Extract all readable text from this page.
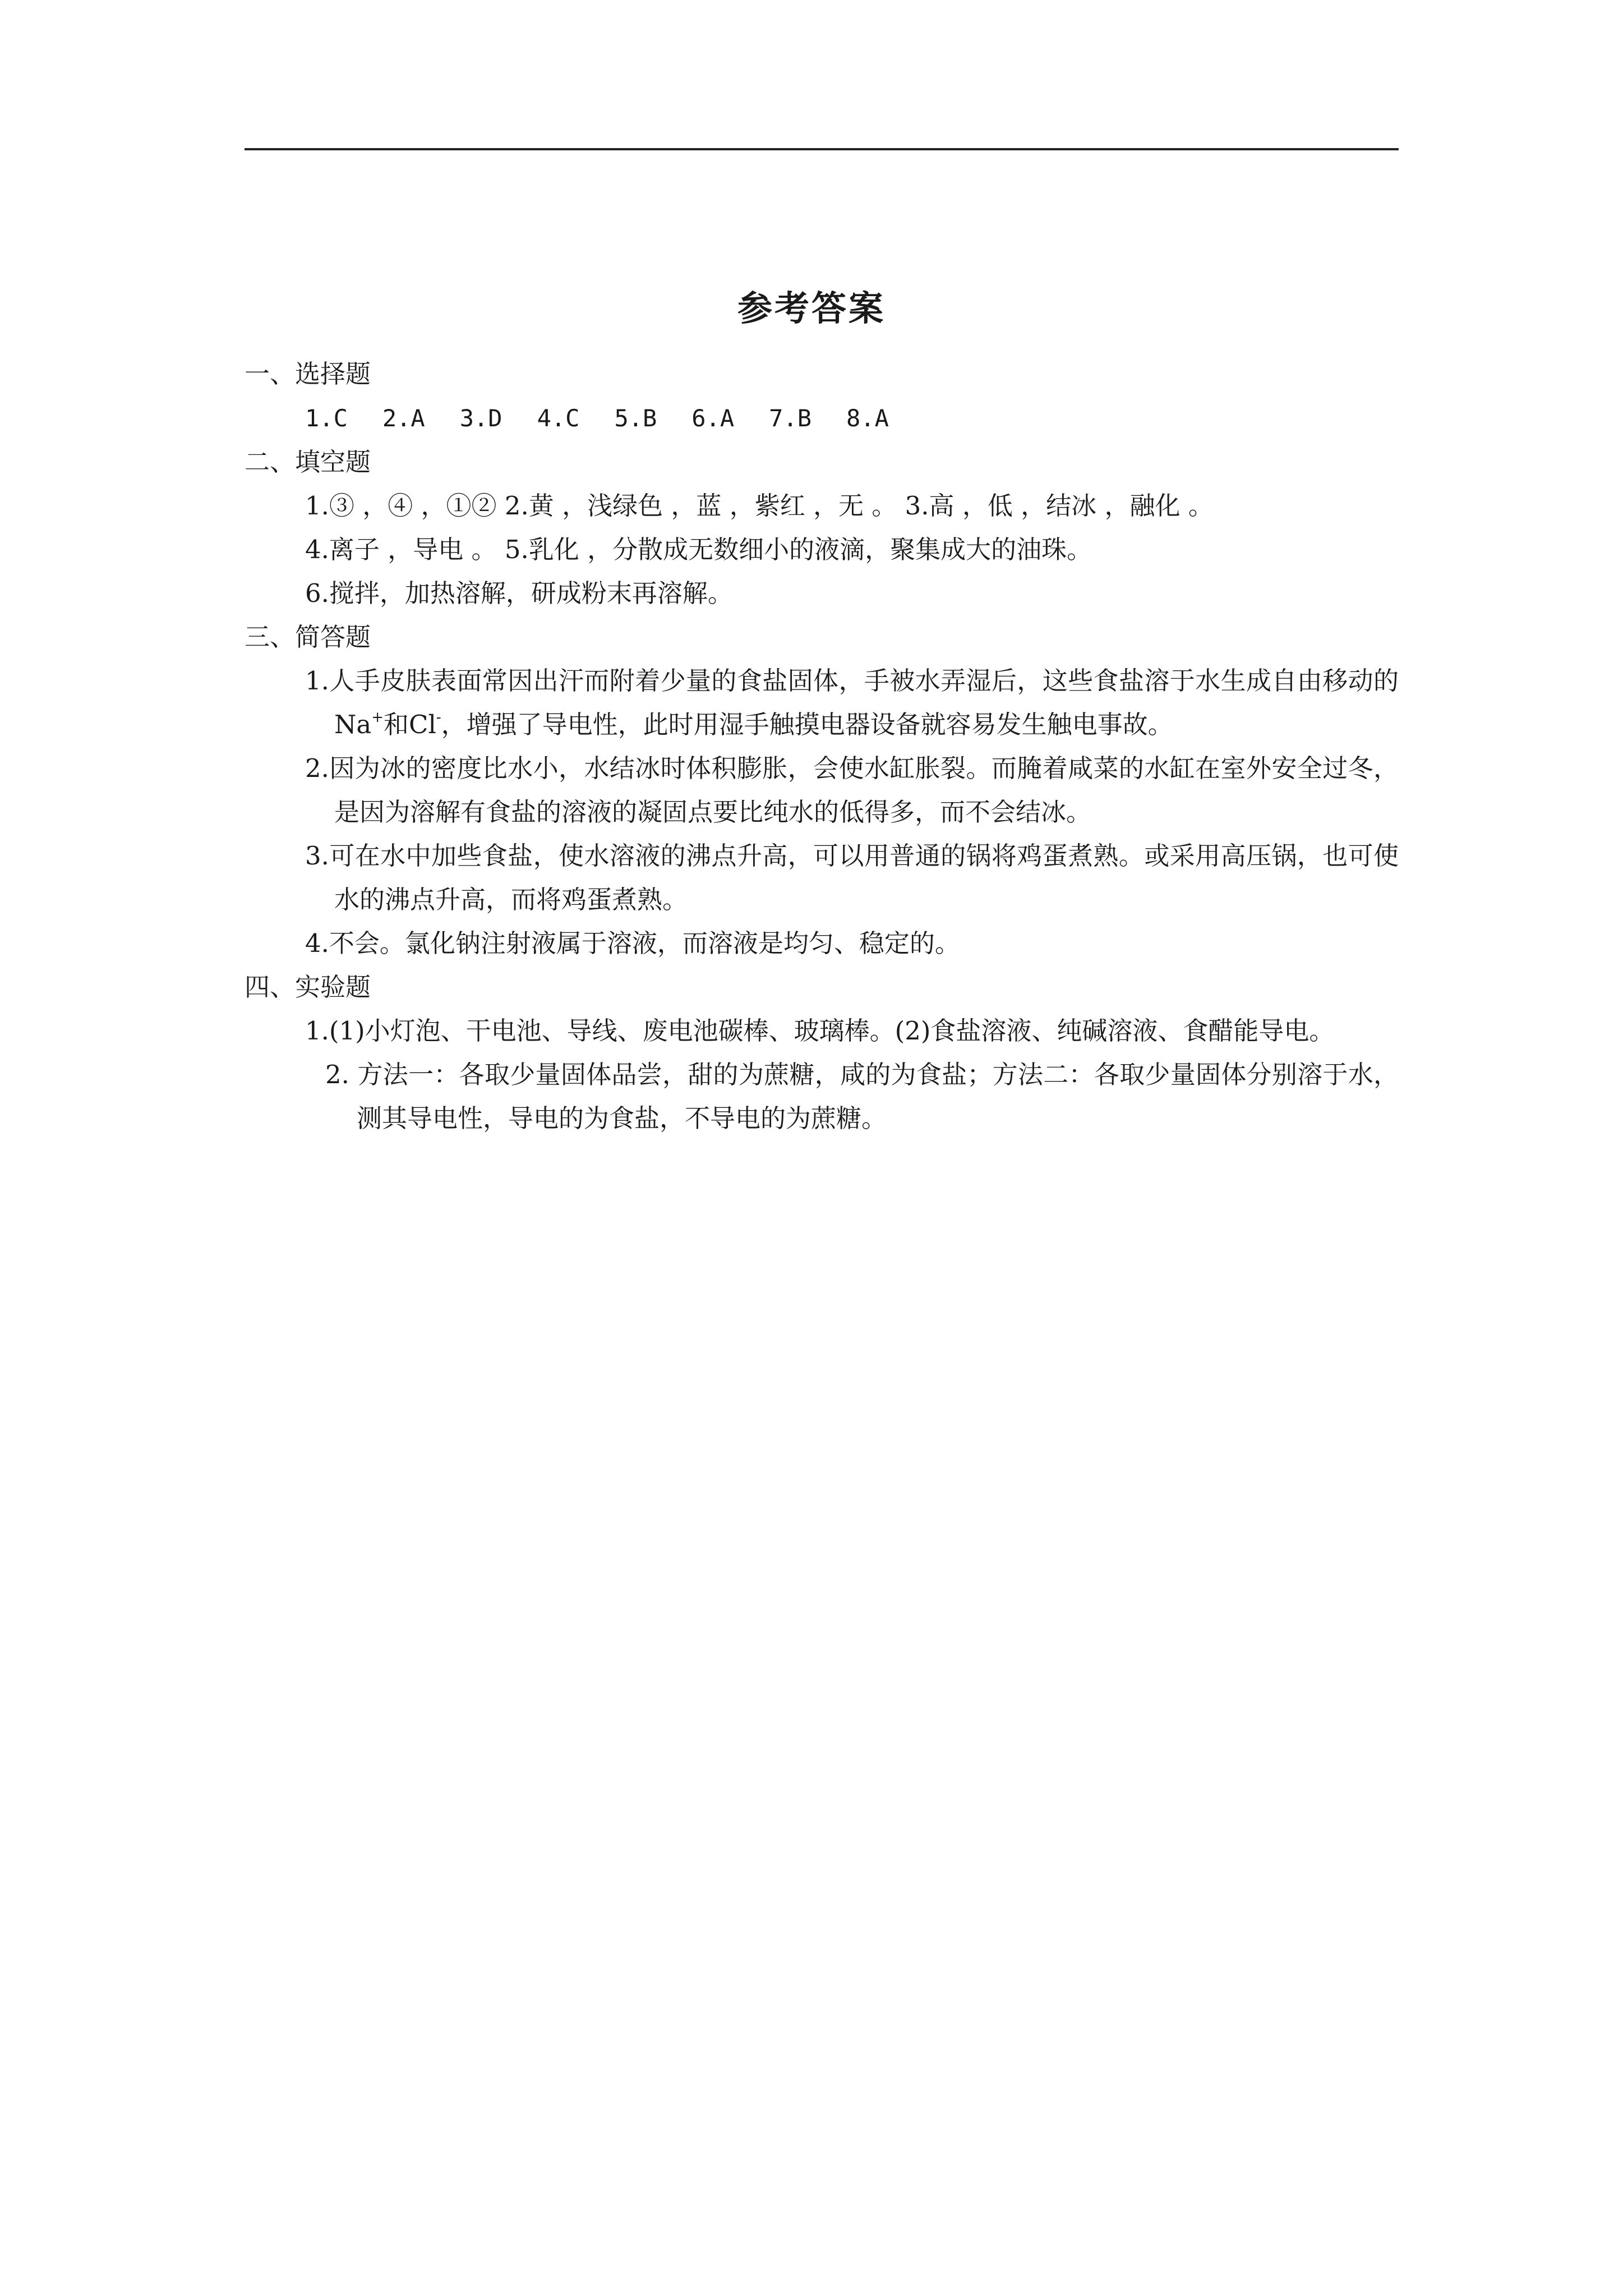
参考答案

一、选择题

1.C 2.A 3.D 4.C 5.B 6.A 7.B 8.A

二、填空题

1.③ ，④ ，①② 2.黄 ，浅绿色 ，蓝 ，紫红 ，无 。 3.高 ，低 ，结冰 ，融化 。

4.离子 ，导电 。 5.乳化 ，分散成无数细小的液滴，聚集成大的油珠。

6.搅拌，加热溶解，研成粉末再溶解。

三、简答题

1.人手皮肤表面常因出汗而附着少量的食盐固体，手被水弄湿后，这些食盐溶于水生成自由移动的Na+和Cl-，增强了导电性，此时用湿手触摸电器设备就容易发生触电事故。

2.因为冰的密度比水小，水结冰时体积膨胀，会使水缸胀裂。而腌着咸菜的水缸在室外安全过冬，是因为溶解有食盐的溶液的凝固点要比纯水的低得多，而不会结冰。

3.可在水中加些食盐，使水溶液的沸点升高，可以用普通的锅将鸡蛋煮熟。或采用高压锅，也可使水的沸点升高，而将鸡蛋煮熟。

4.不会。氯化钠注射液属于溶液，而溶液是均匀、稳定的。

四、实验题

1.(1)小灯泡、干电池、导线、废电池碳棒、玻璃棒。(2)食盐溶液、纯碱溶液、食醋能导电。

2. 方法一：各取少量固体品尝，甜的为蔗糖，咸的为食盐；方法二：各取少量固体分别溶于水，测其导电性，导电的为食盐，不导电的为蔗糖。
